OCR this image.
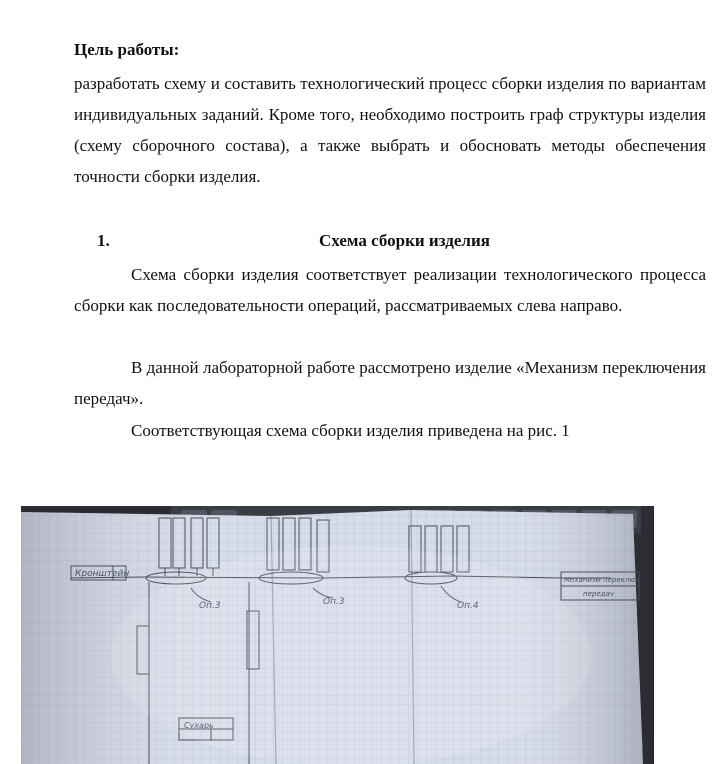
Цель работы:
разработать схему и составить технологический процесс сборки изделия по вариантам индивидуальных заданий. Кроме того, необходимо построить граф структуры изделия (схему сборочного состава), а также выбрать и обосновать методы обеспечения точности сборки изделия.
1.	Схема сборки изделия
Схема сборки изделия соответствует реализации технологического процесса сборки как последовательности операций, рассматриваемых слева направо.
В данной лабораторной работе рассмотрено изделие «Механизм переключения передач».
Соответствующая схема сборки изделия приведена на рис. 1
Кронштейн
Механизм переключ.
передач
Сухарь
Оп.3	Оп.3	Оп.4
